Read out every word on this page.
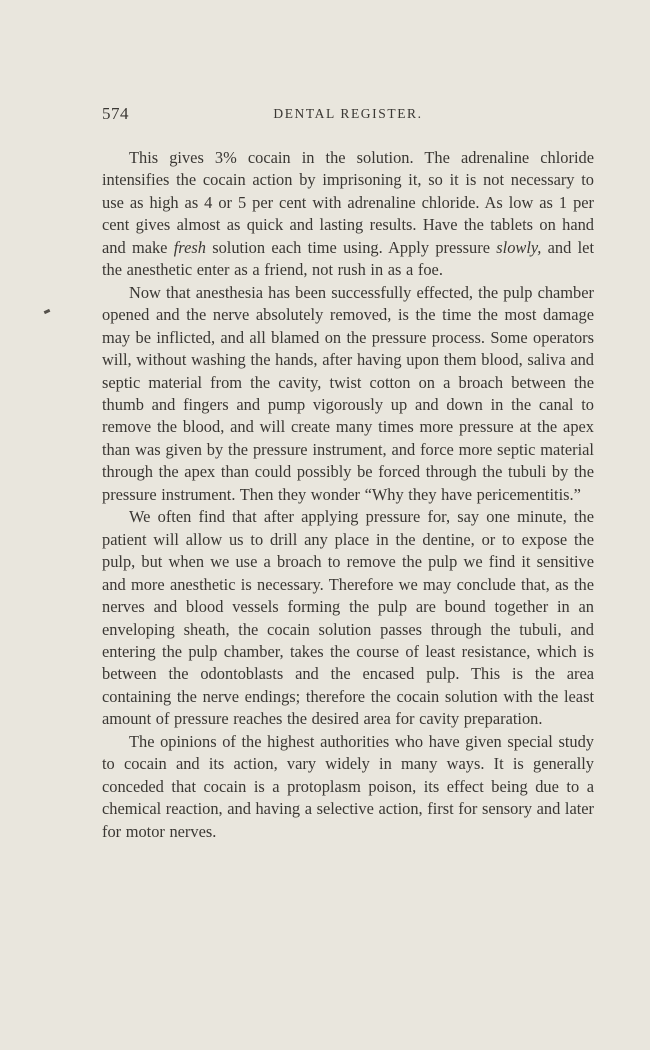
574	DENTAL REGISTER.

This gives 3% cocain in the solution. The adrenaline chloride intensifies the cocain action by imprisoning it, so it is not necessary to use as high as 4 or 5 per cent with adrenaline chloride. As low as 1 per cent gives almost as quick and lasting results. Have the tablets on hand and make fresh solution each time using. Apply pressure slowly, and let the anesthetic enter as a friend, not rush in as a foe.

Now that anesthesia has been successfully effected, the pulp chamber opened and the nerve absolutely removed, is the time the most damage may be inflicted, and all blamed on the pressure process. Some operators will, without washing the hands, after having upon them blood, saliva and septic material from the cavity, twist cotton on a broach between the thumb and fingers and pump vigorously up and down in the canal to remove the blood, and will create many times more pressure at the apex than was given by the pressure instrument, and force more septic material through the apex than could possibly be forced through the tubuli by the pressure instrument. Then they wonder “Why they have pericementitis.”

We often find that after applying pressure for, say one minute, the patient will allow us to drill any place in the dentine, or to expose the pulp, but when we use a broach to remove the pulp we find it sensitive and more anesthetic is necessary. Therefore we may conclude that, as the nerves and blood vessels forming the pulp are bound together in an enveloping sheath, the cocain solution passes through the tubuli, and entering the pulp chamber, takes the course of least resistance, which is between the odontoblasts and the encased pulp. This is the area containing the nerve endings; therefore the cocain solution with the least amount of pressure reaches the desired area for cavity preparation.

The opinions of the highest authorities who have given special study to cocain and its action, vary widely in many ways. It is generally conceded that cocain is a protoplasm poison, its effect being due to a chemical reaction, and having a selective action, first for sensory and later for motor nerves.
